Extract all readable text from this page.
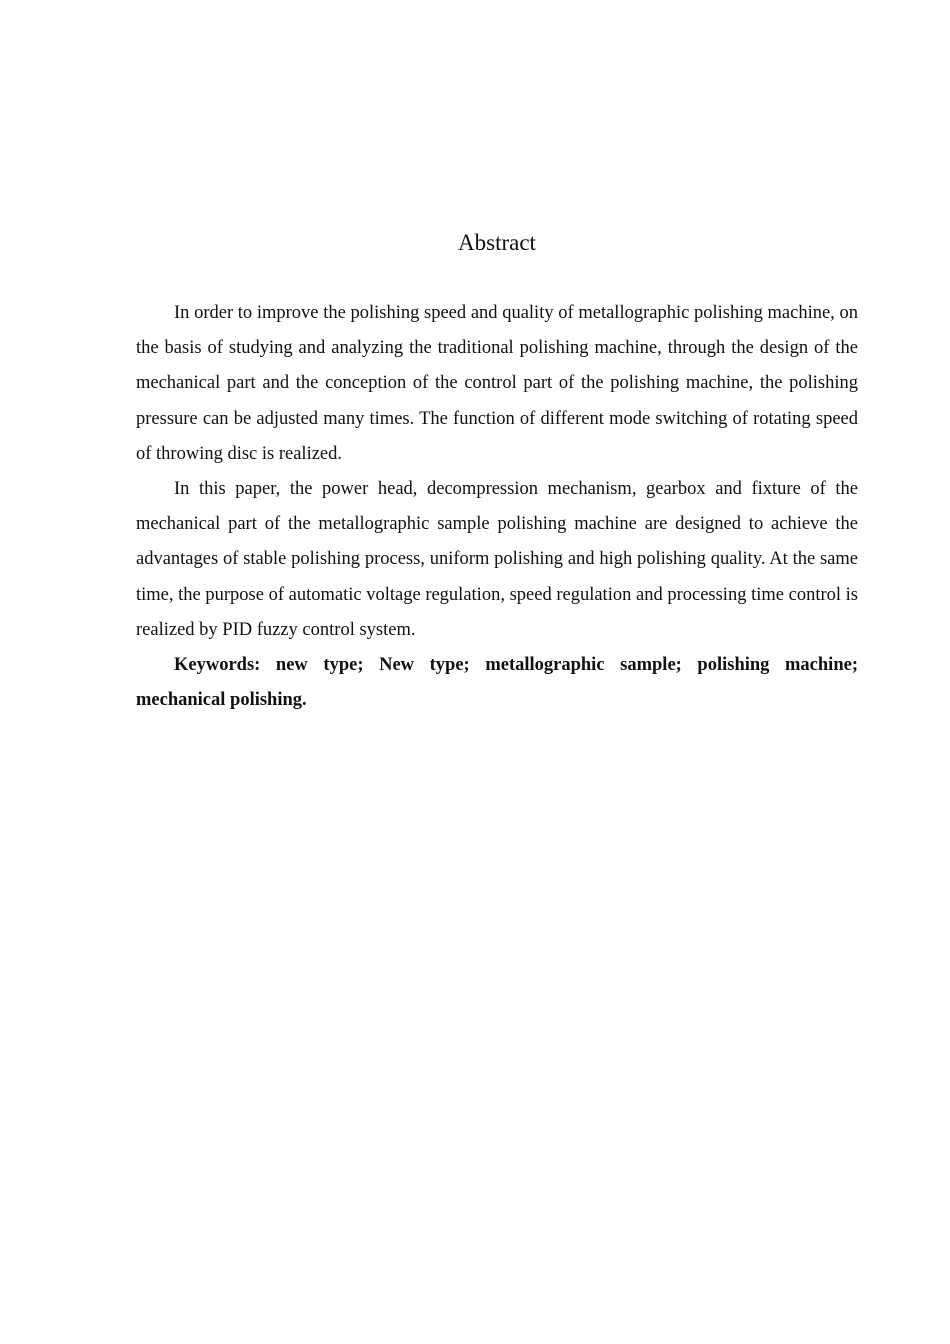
Abstract

In order to improve the polishing speed and quality of metallographic polishing machine, on the basis of studying and analyzing the traditional polishing machine, through the design of the mechanical part and the conception of the control part of the polishing machine, the polishing pressure can be adjusted many times. The function of different mode switching of rotating speed of throwing disc is realized.

In this paper, the power head, decompression mechanism, gearbox and fixture of the mechanical part of the metallographic sample polishing machine are designed to achieve the advantages of stable polishing process, uniform polishing and high polishing quality. At the same time, the purpose of automatic voltage regulation, speed regulation and processing time control is realized by PID fuzzy control system.

Keywords: new type; New type; metallographic sample; polishing machine; mechanical polishing.
